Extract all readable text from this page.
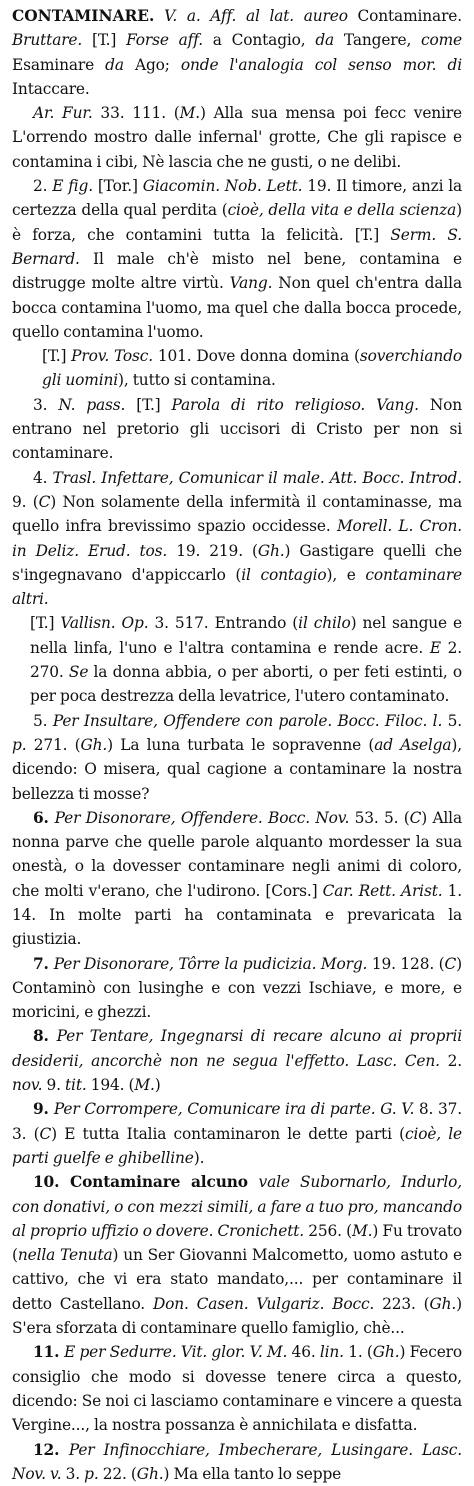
CONTAMINARE. V. a. Aff. al lat. aureo Contaminare. Bruttare. [T.] Forse aff. a Contagio, da Tangere, come Esaminare da Ago; onde l'analogia col senso mor. di Intaccare.

Ar. Fur. 33. 111. (M.) Alla sua mensa poi fecc venire L'orrendo mostro dalle infernal' grotte, Che gli rapisce e contamina i cibi, Nè lascia che ne gusti, o ne delibi.

2. E fig. [Tor.] Giacomin. Nob. Lett. 19. Il timore, anzi la certezza della qual perdita (cioè, della vita e della scienza) è forza, che contamini tutta la felicità. [T.] Serm. S. Bernard. Il male ch'è misto nel bene, contamina e distrugge molte altre virtù. Vang. Non quel ch'entra dalla bocca contamina l'uomo, ma quel che dalla bocca procede, quello contamina l'uomo.

[T.] Prov. Tosc. 101. Dove donna domina (soverchiando gli uomini), tutto si contamina.

3. N. pass. [T.] Parola di rito religioso. Vang. Non entrano nel pretorio gli uccisori di Cristo per non si contaminare.

4. Trasl. Infettare, Comunicar il male. Att. Bocc. Introd. 9. (C) Non solamente della infermità il contaminasse, ma quello infra brevissimo spazio occidesse. Morell. L. Cron. in Deliz. Erud. tos. 19. 219. (Gh.) Gastigare quelli che s'ingegnavano d'appiccarlo (il contagio), e contaminare altri.

[T.] Vallisn. Op. 3. 517. Entrando (il chilo) nel sangue e nella linfa, l'uno e l'altra contamina e rende acre. E 2. 270. Se la donna abbia, o per aborti, o per feti estinti, o per poca destrezza della levatrice, l'utero contaminato.

5. Per Insultare, Offendere con parole. Bocc. Filoc. l. 5. p. 271. (Gh.) La luna turbata le sopravenne (ad Aselga), dicendo: O misera, qual cagione a contaminare la nostra bellezza ti mosse?

6. Per Disonorare, Offendere. Bocc. Nov. 53. 5. (C) Alla nonna parve che quelle parole alquanto mordesser la sua onestà, o la dovesser contaminare negli animi di coloro, che molti v'erano, che l'udirono. [Cors.] Car. Rett. Arist. 1. 14. In molte parti ha contaminata e prevaricata la giustizia.

7. Per Disonorare, Tôrre la pudicizia. Morg. 19. 128. (C) Contaminò con lusinghe e con vezzi Ischiave, e more, e moricini, e ghezzi.

8. Per Tentare, Ingegnarsi di recare alcuno ai proprii desiderii, ancorchè non ne segua l'effetto. Lasc. Cen. 2. nov. 9. tit. 194. (M.)

9. Per Corrompere, Comunicare ira di parte. G. V. 8. 37. 3. (C) E tutta Italia contaminaron le dette parti (cioè, le parti guelfe e ghibelline).

10. Contaminare alcuno vale Subornarlo, Indurlo, con donativi, o con mezzi simili, a fare a tuo pro, mancando al proprio uffizio o dovere. Cronichett. 256. (M.) Fu trovato (nella Tenuta) un Ser Giovanni Malcometto, uomo astuto e cattivo, che vi era stato mandato,... per contaminare il detto Castellano. Don. Casen. Vulgariz. Bocc. 223. (Gh.) S'era sforzata di contaminare quello famiglio, chè...

11. E per Sedurre. Vit. glor. V. M. 46. lin. 1. (Gh.) Fecero consiglio che modo si dovesse tenere circa a questo, dicendo: Se noi ci lasciamo contaminare e vincere a questa Vergine..., la nostra possanza è annichilata e disfatta.

12. Per Infinocchiare, Imbecherare, Lusingare. Lasc. Nov. v. 3. p. 22. (Gh.) Ma ella tanto lo seppe
